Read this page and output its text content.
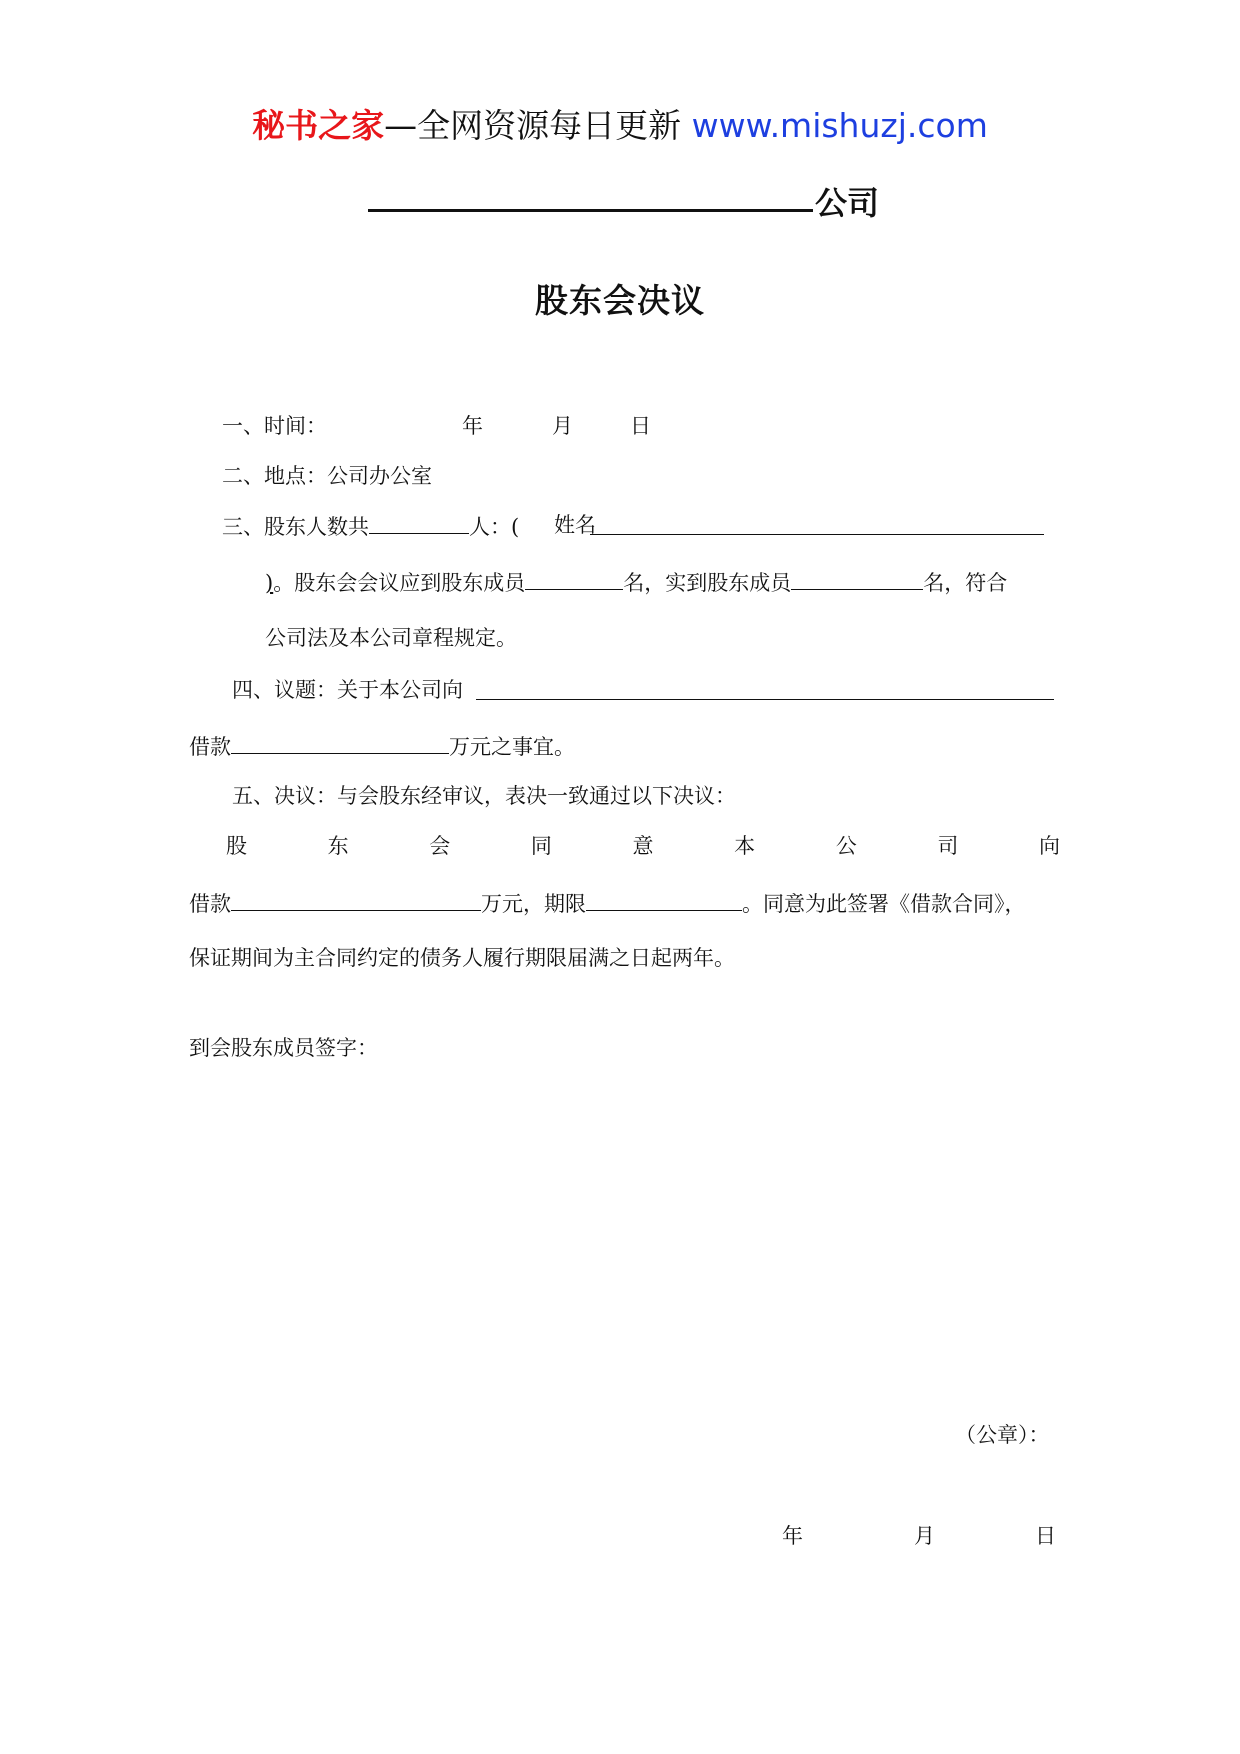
秘书之家—全网资源每日更新 www.mishuzj.com
公司
股东会决议
一、时间：	年	月	日
二、地点：公司办公室
三、股东人数共	人：( 姓名
)。股东会会议应到股东成员	名，实到股东成员	名，符合
公司法及本公司章程规定。
四、议题：关于本公司向
借款	万元之事宜。
五、决议：与会股东经审议，表决一致通过以下决议：
股	东	会	同	意	本	公	司	向
借款	万元，期限	。同意为此签署《借款合同》，
保证期间为主合同约定的债务人履行期限届满之日起两年。
到会股东成员签字：
（公章）：
年	月	日
